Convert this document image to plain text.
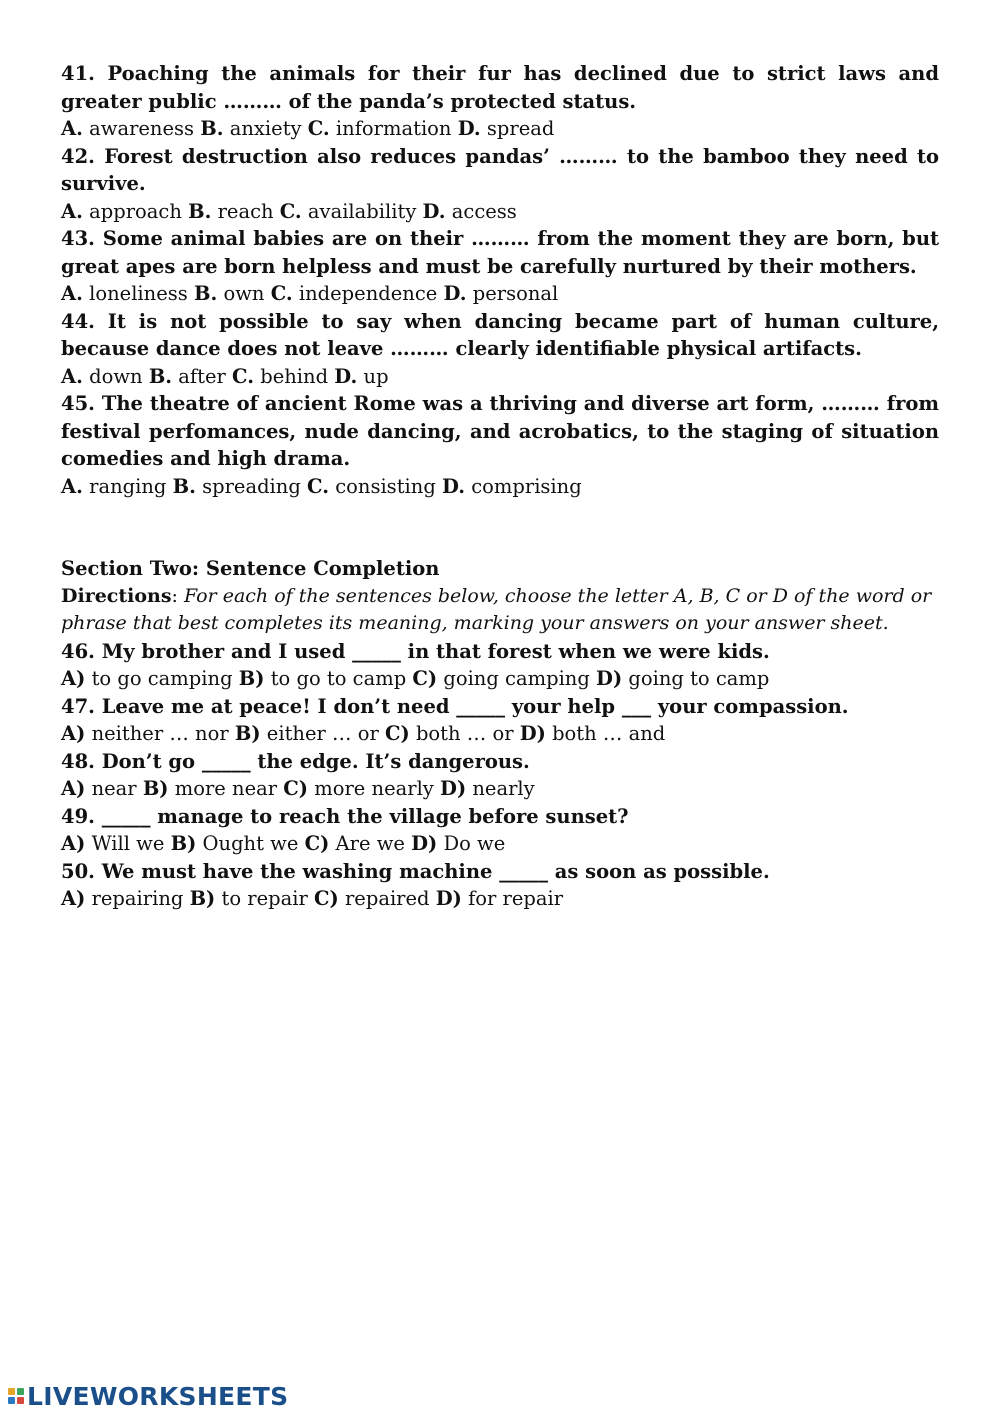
41. Poaching the animals for their fur has declined due to strict laws and greater public ……… of the panda’s protected status.

A. awareness B. anxiety C. information D. spread

42. Forest destruction also reduces pandas’ ……… to the bamboo they need to survive.

A. approach B. reach C. availability D. access

43. Some animal babies are on their ……… from the moment they are born, but great apes are born helpless and must be carefully nurtured by their mothers.

A. loneliness B. own C. independence D. personal

44. It is not possible to say when dancing became part of human culture, because dance does not leave ……… clearly identifiable physical artifacts.

A. down B. after C. behind D. up

45. The theatre of ancient Rome was a thriving and diverse art form, ……… from festival perfomances, nude dancing, and acrobatics, to the staging of situation comedies and high drama.

A. ranging B. spreading C. consisting D. comprising

Section Two: Sentence Completion

Directions: For each of the sentences below, choose the letter A, B, C or D of the word or phrase that best completes its meaning, marking your answers on your answer sheet.

46. My brother and I used _____ in that forest when we were kids.

A) to go camping B) to go to camp C) going camping D) going to camp

47. Leave me at peace! I don’t need _____ your help ___ your compassion.

A) neither … nor B) either … or C) both … or D) both … and

48. Don’t go _____ the edge. It’s dangerous.

A) near B) more near C) more nearly D) nearly

49. _____ manage to reach the village before sunset?

A) Will we B) Ought we C) Are we D) Do we

50. We must have the washing machine _____ as soon as possible.

A) repairing B) to repair C) repaired D) for repair

LIVEWORKSHEETS
